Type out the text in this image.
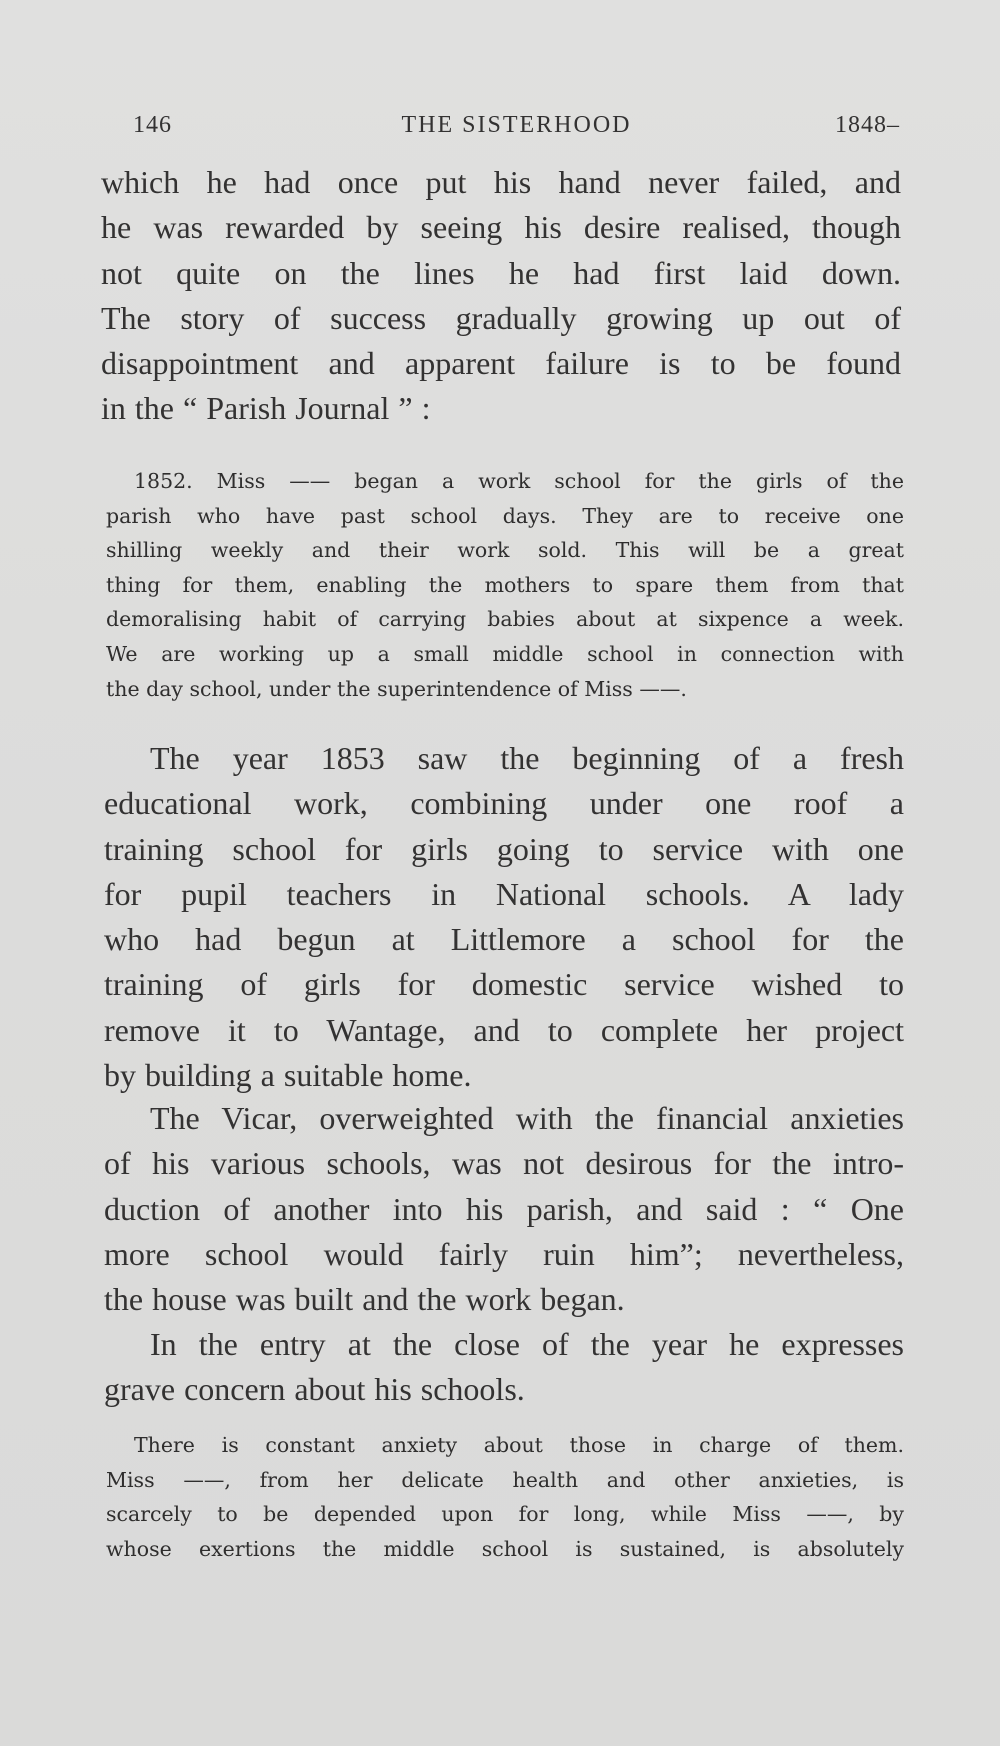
146	THE SISTERHOOD	1848–
which he had once put his hand never failed, and
he was rewarded by seeing his desire realised, though
not quite on the lines he had first laid down.
The story of success gradually growing up out of
disappointment and apparent failure is to be found
in the “ Parish Journal ” :
1852. Miss —— began a work school for the girls of the
parish who have past school days. They are to receive one
shilling weekly and their work sold. This will be a great
thing for them, enabling the mothers to spare them from that
demoralising habit of carrying babies about at sixpence a week.
We are working up a small middle school in connection with
the day school, under the superintendence of Miss ——.
The year 1853 saw the beginning of a fresh
educational work, combining under one roof a
training school for girls going to service with one
for pupil teachers in National schools. A lady
who had begun at Littlemore a school for the
training of girls for domestic service wished to
remove it to Wantage, and to complete her project
by building a suitable home.
The Vicar, overweighted with the financial anxieties
of his various schools, was not desirous for the intro-
duction of another into his parish, and said : “ One
more school would fairly ruin him”; nevertheless,
the house was built and the work began.
In the entry at the close of the year he expresses
grave concern about his schools.
There is constant anxiety about those in charge of them.
Miss ——, from her delicate health and other anxieties, is
scarcely to be depended upon for long, while Miss ——, by
whose exertions the middle school is sustained, is absolutely
